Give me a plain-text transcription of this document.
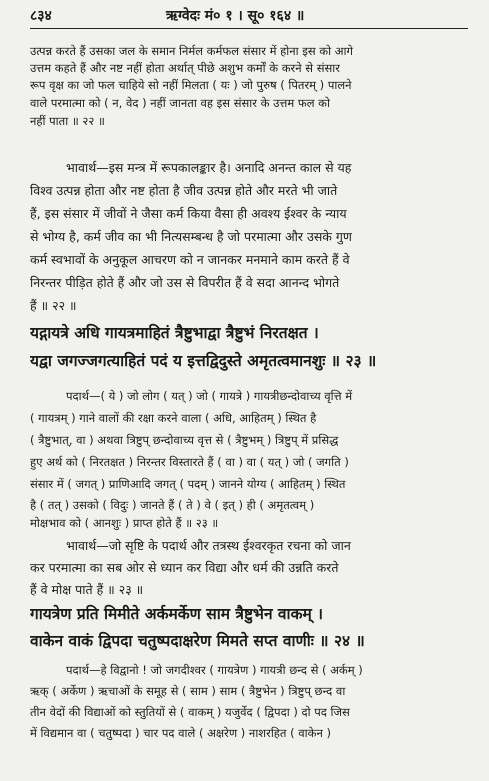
८३४	ऋग्वेदः मं० १ । सू० १६४ ॥
उत्पन्न करते हैं उसका जल के समान निर्मल कर्मफल संसार में होना इस को आगे
उत्तम कहते हैं और नष्ट नहीं होता अर्थात् पीछे अशुभ कर्मों के करने से संसार
रूप वृक्ष का जो फल चाहिये सो नहीं मिलता ( यः ) जो पुरुष ( पितरम् ) पालने
वाले परमात्मा को ( न, वेद ) नहीं जानता वह इस संसार के उत्तम फल को
नहीं पाता ॥ २२ ॥
भावार्थ—इस मन्त्र में रूपकालङ्कार है। अनादि अनन्त काल से यह
विश्व उत्पन्न होता और नष्ट होता है जीव उत्पन्न होते और मरते भी जाते
हैं, इस संसार में जीवों ने जैसा कर्म किया वैसा ही अवश्य ईश्वर के न्याय
से भोग्य है, कर्म जीव का भी नित्यसम्बन्ध है जो परमात्मा और उसके गुण
कर्म स्वभावों के अनुकूल आचरण को न जानकर मनमाने काम करते हैं वे
निरन्तर पीड़ित होते हैं और जो उस से विपरीत हैं वे सदा आनन्द भोगते
हैं ॥ २२ ॥
यद्गायत्रे अधि गायत्रमाहितं त्रैष्टुभाद्वा त्रैष्टुभं निरतक्षत ।
यद्वा जगज्जगत्याहितं पदं य इत्तद्विदुस्ते अमृतत्वमानशुः ॥ २३ ॥
पदार्थ—( ये ) जो लोग ( यत् ) जो ( गायत्रे ) गायत्रीछन्दोवाच्य वृत्ति में
( गायत्रम् ) गाने वालों की रक्षा करने वाला ( अधि, आहितम् ) स्थित है
( त्रैष्टुभात्, वा ) अथवा त्रिष्टुप् छन्दोवाच्य वृत्त से ( त्रैष्टुभम् ) त्रिष्टुप् में प्रसिद्ध
हुए अर्थ को ( निरतक्षत ) निरन्तर विस्तारते हैं ( वा ) वा ( यत् ) जो ( जगति )
संसार में ( जगत् ) प्राणिआदि जगत् ( पदम् ) जानने योग्य ( आहितम् ) स्थित
है ( तत् ) उसको ( विदुः ) जानते हैं ( ते ) वे ( इत् ) ही ( अमृतत्वम् )
मोक्षभाव को ( आनशुः ) प्राप्त होते हैं ॥ २३ ॥
भावार्थ—जो सृष्टि के पदार्थ और तत्रस्थ ईश्वरकृत रचना को जान
कर परमात्मा का सब ओर से ध्यान कर विद्या और धर्म की उन्नति करते
हैं वे मोक्ष पाते हैं ॥ २३ ॥
गायत्रेण प्रति मिमीते अर्कमर्केण साम त्रैष्टुभेन वाकम् ।
वाकेन वाकं द्विपदा चतुष्पदाक्षरेण मिमते सप्त वाणीः ॥ २४ ॥
पदार्थ—हे विद्वानो ! जो जगदीश्वर ( गायत्रेण ) गायत्री छन्द से ( अर्कम् )
ऋक् ( अर्केण ) ऋचाओं के समूह से ( साम ) साम ( त्रैष्टुभेन ) त्रिष्टुप् छन्द वा
तीन वेदों की विद्याओं को स्तुतियों से ( वाकम् ) यजुर्वेद ( द्विपदा ) दो पद जिस
में विद्यमान वा ( चतुष्पदा ) चार पद वाले ( अक्षरेण ) नाशरहित ( वाकेन )
